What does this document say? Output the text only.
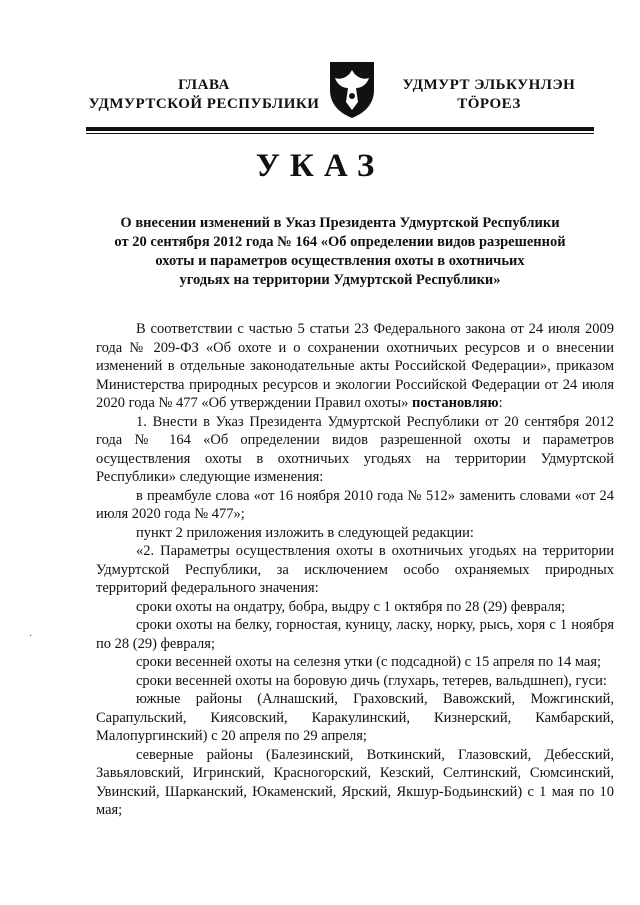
ГЛАВА
УДМУРТСКОЙ РЕСПУБЛИКИ
УДМУРТ ЭЛЬКУНЛЭН
ТӦРОЕЗ
УКАЗ
О внесении изменений в Указ Президента Удмуртской Республики
от 20 сентября 2012 года № 164 «Об определении видов разрешенной
охоты и параметров осуществления охоты в охотничьих
угодьях на территории Удмуртской Республики»

В соответствии с частью 5 статьи 23 Федерального закона от 24 июля 2009 года № 209-ФЗ «Об охоте и о сохранении охотничьих ресурсов и о внесении изменений в отдельные законодательные акты Российской Федерации», приказом Министерства природных ресурсов и экологии Российской Федерации от 24 июля 2020 года № 477 «Об утверждении Правил охоты» постановляю:

1. Внести в Указ Президента Удмуртской Республики от 20 сентября 2012 года № 164 «Об определении видов разрешенной охоты и параметров осуществления охоты в охотничьих угодьях на территории Удмуртской Республики» следующие изменения:

в преамбуле слова «от 16 ноября 2010 года № 512» заменить словами «от 24 июля 2020 года № 477»;

пункт 2 приложения изложить в следующей редакции:

«2. Параметры осуществления охоты в охотничьих угодьях на территории Удмуртской Республики, за исключением особо охраняемых природных территорий федерального значения:

сроки охоты на ондатру, бобра, выдру с 1 октября по 28 (29) февраля;

сроки охоты на белку, горностая, куницу, ласку, норку, рысь, хоря с 1 ноября по 28 (29) февраля;

сроки весенней охоты на селезня утки (с подсадной) с 15 апреля по 14 мая;

сроки весенней охоты на боровую дичь (глухарь, тетерев, вальдшнеп), гуси:

южные районы (Алнашский, Граховский, Вавожский, Можгинский, Сарапульский, Киясовский, Каракулинский, Кизнерский, Камбарский, Малопургинский) с 20 апреля по 29 апреля;

северные районы (Балезинский, Воткинский, Глазовский, Дебесский, Завьяловский, Игринский, Красногорский, Кезский, Селтинский, Сюмсинский, Увинский, Шарканский, Юкаменский, Ярский, Якшур-Бодьинский) с 1 мая по 10 мая;

·
